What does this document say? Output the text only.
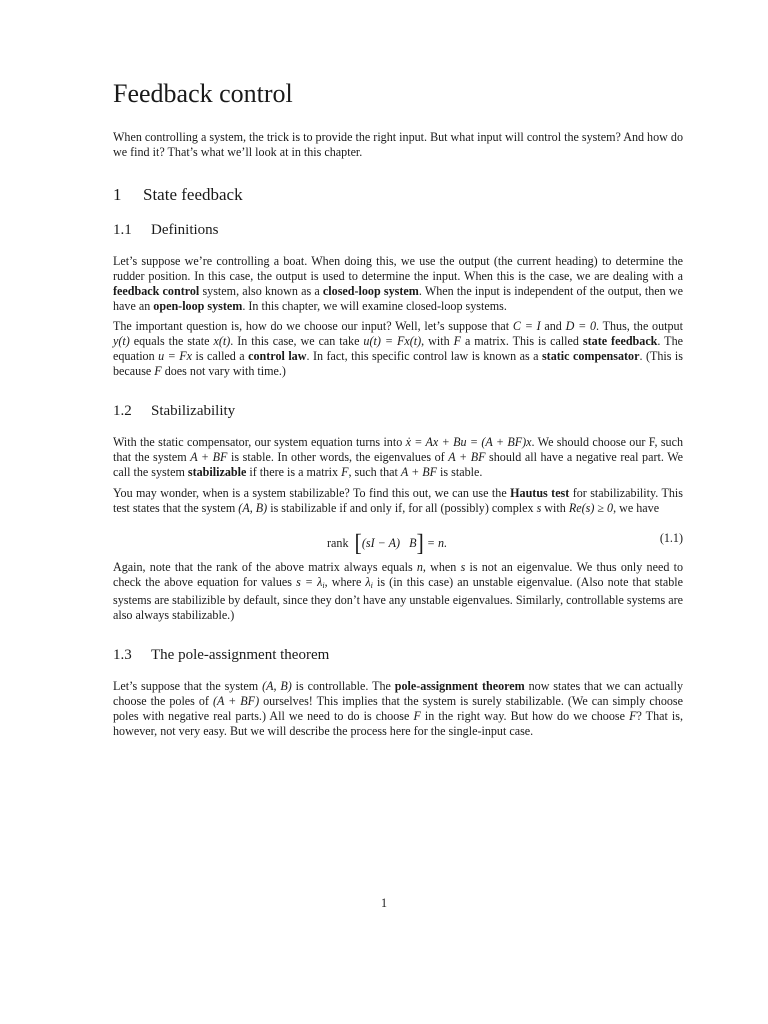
Feedback control

When controlling a system, the trick is to provide the right input. But what input will control the system? And how do we find it? That’s what we’ll look at in this chapter.

1 State feedback
1.1 Definitions

Let’s suppose we’re controlling a boat. When doing this, we use the output (the current heading) to determine the rudder position. In this case, the output is used to determine the input. When this is the case, we are dealing with a feedback control system, also known as a closed-loop system. When the input is independent of the output, then we have an open-loop system. In this chapter, we will examine closed-loop systems.

The important question is, how do we choose our input? Well, let’s suppose that C = I and D = 0. Thus, the output y(t) equals the state x(t). In this case, we can take u(t) = Fx(t), with F a matrix. This is called state feedback. The equation u = Fx is called a control law. In fact, this specific control law is known as a static compensator. (This is because F does not vary with time.)

1.2 Stabilizability

With the static compensator, our system equation turns into ẋ = Ax + Bu = (A + BF)x. We should choose our F, such that the system A + BF is stable. In other words, the eigenvalues of A + BF should all have a negative real part. We call the system stabilizable if there is a matrix F, such that A + BF is stable.

You may wonder, when is a system stabilizable? To find this out, we can use the Hautus test for stabilizability. This test states that the system (A, B) is stabilizable if and only if, for all (possibly) complex s with Re(s) ≥ 0, we have

rank [(sI − A)   B] = n.	(1.1)

Again, note that the rank of the above matrix always equals n, when s is not an eigenvalue. We thus only need to check the above equation for values $s = \lambda_i$, where $\lambda_i$ is (in this case) an unstable eigenvalue. (Also note that stable systems are stabilizible by default, since they don’t have any unstable eigenvalues. Similarly, controllable systems are also always stabilizable.)

1.3 The pole-assignment theorem

Let’s suppose that the system (A, B) is controllable. The pole-assignment theorem now states that we can actually choose the poles of (A + BF) ourselves! This implies that the system is surely stabilizable. (We can simply choose poles with negative real parts.) All we need to do is choose F in the right way. But how do we choose F? That is, however, not very easy. But we will describe the process here for the single-input case.

1
